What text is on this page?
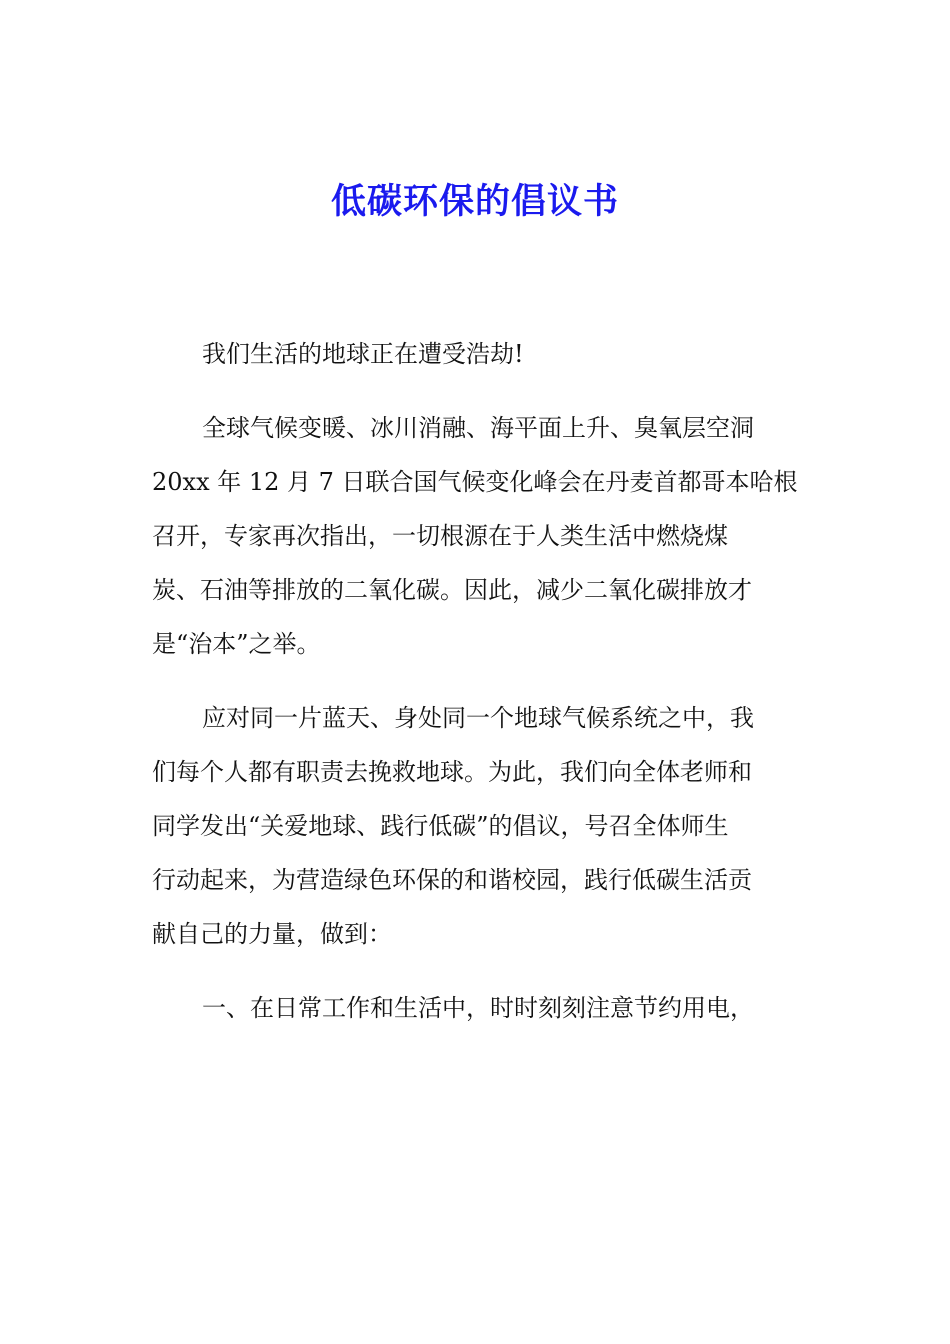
低碳环保的倡议书
我们生活的地球正在遭受浩劫!
全球气候变暖、冰川消融、海平面上升、臭氧层空洞
20xx 年 12 月 7 日联合国气候变化峰会在丹麦首都哥本哈根
召开，专家再次指出，一切根源在于人类生活中燃烧煤
炭、石油等排放的二氧化碳。因此，减少二氧化碳排放才
是“治本”之举。
应对同一片蓝天、身处同一个地球气候系统之中，我
们每个人都有职责去挽救地球。为此，我们向全体老师和
同学发出“关爱地球、践行低碳”的倡议，号召全体师生
行动起来，为营造绿色环保的和谐校园，践行低碳生活贡
献自己的力量，做到：
一、在日常工作和生活中，时时刻刻注意节约用电，
